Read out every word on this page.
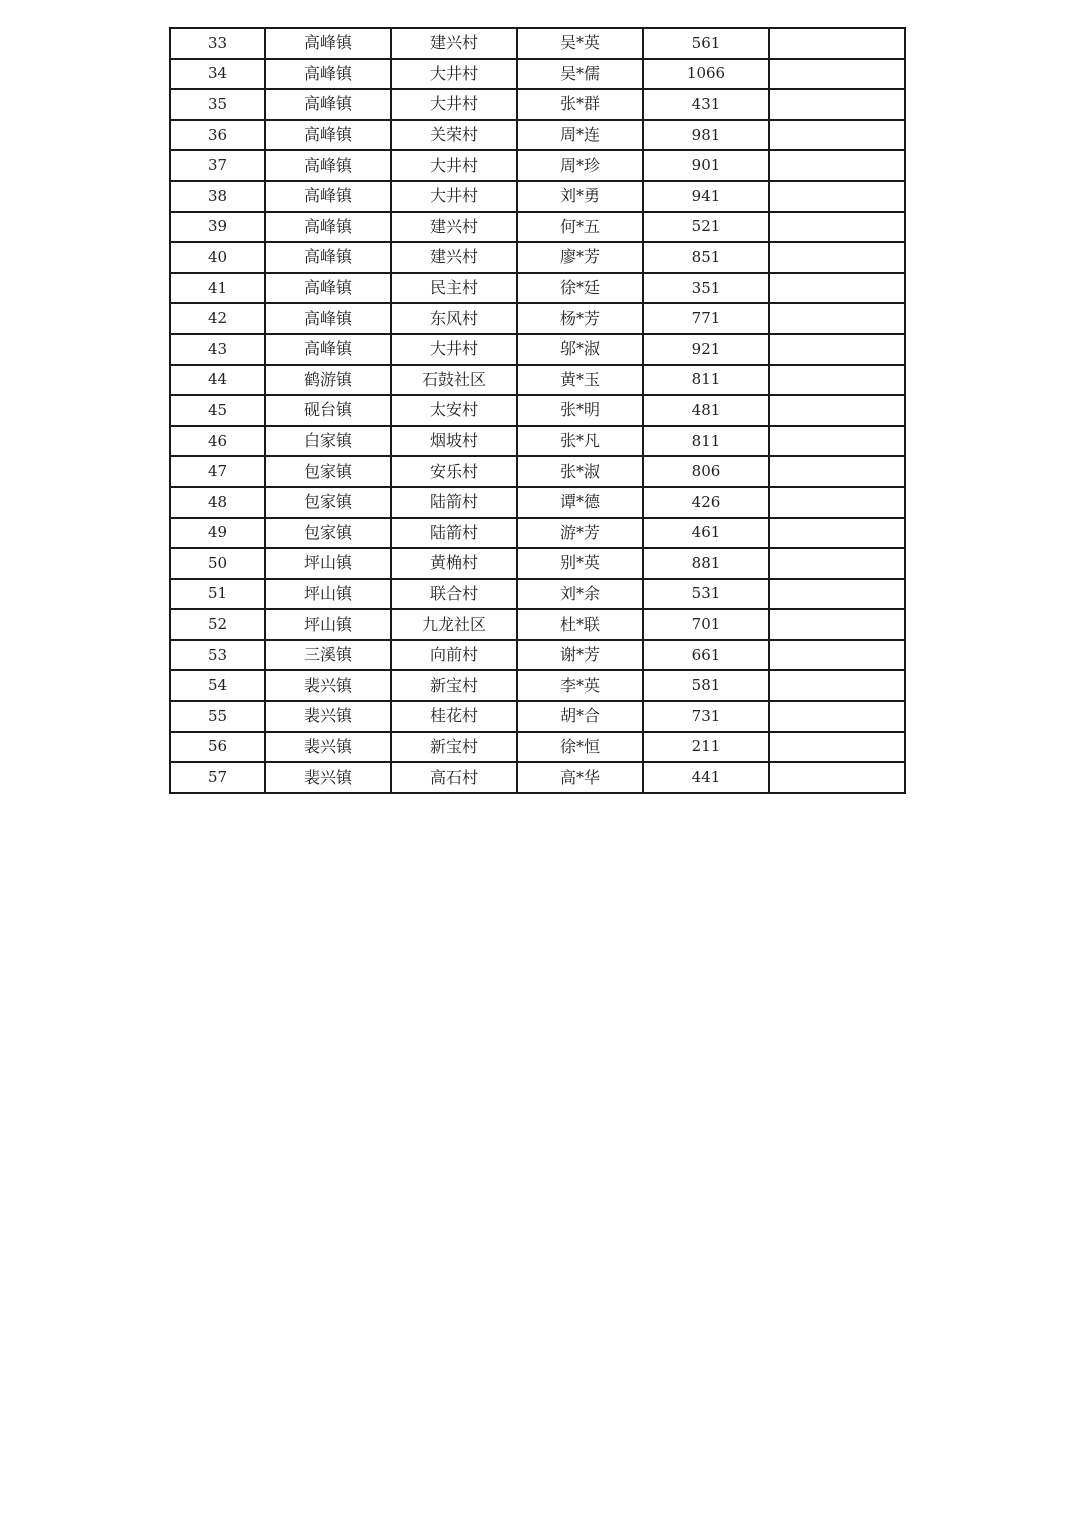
33	高峰镇	建兴村	吴*英	561	
34	高峰镇	大井村	吴*儒	1066	
35	高峰镇	大井村	张*群	431	
36	高峰镇	关荣村	周*连	981	
37	高峰镇	大井村	周*珍	901	
38	高峰镇	大井村	刘*勇	941	
39	高峰镇	建兴村	何*五	521	
40	高峰镇	建兴村	廖*芳	851	
41	高峰镇	民主村	徐*廷	351	
42	高峰镇	东风村	杨*芳	771	
43	高峰镇	大井村	邬*淑	921	
44	鹤游镇	石鼓社区	黄*玉	811	
45	砚台镇	太安村	张*明	481	
46	白家镇	烟坡村	张*凡	811	
47	包家镇	安乐村	张*淑	806	
48	包家镇	陆箭村	谭*德	426	
49	包家镇	陆箭村	游*芳	461	
50	坪山镇	黄桷村	别*英	881	
51	坪山镇	联合村	刘*余	531	
52	坪山镇	九龙社区	杜*联	701	
53	三溪镇	向前村	谢*芳	661	
54	裴兴镇	新宝村	李*英	581	
55	裴兴镇	桂花村	胡*合	731	
56	裴兴镇	新宝村	徐*恒	211	
57	裴兴镇	高石村	高*华	441	
